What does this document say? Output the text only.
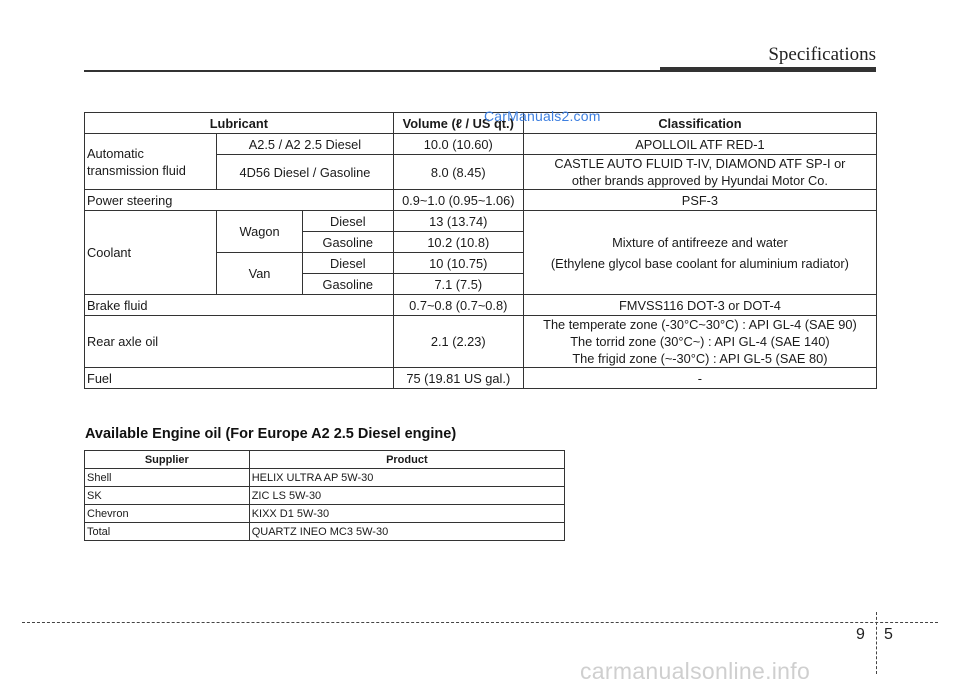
Specifications
Lubricant			Volume (ℓ / US qt.)	Classification
Automatic transmission fluid	A2.5 / A2 2.5 Diesel		10.0 (10.60)	APOLLOIL ATF RED-1
	4D56 Diesel / Gasoline		8.0 (8.45)	CASTLE AUTO FLUID T-IV, DIAMOND ATF SP-I or
other brands approved by Hyundai Motor Co.

Power steering			0.9~1.0 (0.95~1.06)	PSF-3
Coolant	Wagon	Diesel	13 (13.74)	Mixture of antifreeze and water
(Ethylene glycol base coolant for aluminium radiator)

		Gasoline	10.2 (10.8)	
	Van	Diesel	10 (10.75)	
		Gasoline	7.1 (7.5)	
Brake fluid			0.7~0.8 (0.7~0.8)	FMVSS116 DOT-3 or DOT-4
Rear axle oil			2.1 (2.23)	The temperate zone (-30°C~30°C) : API GL-4 (SAE 90)
The torrid zone (30°C~) : API GL-4 (SAE 140)
The frigid zone (~-30°C) : API GL-5 (SAE 80)

Fuel			75 (19.81 US gal.)	-
CarManuals2.com
Available Engine oil (For Europe A2 2.5 Diesel engine)
Supplier	Product
Shell	HELIX ULTRA AP 5W-30
SK	ZIC LS 5W-30
Chevron	KIXX D1 5W-30
Total	QUARTZ INEO MC3 5W-30
9 5
carmanualsonline.info
